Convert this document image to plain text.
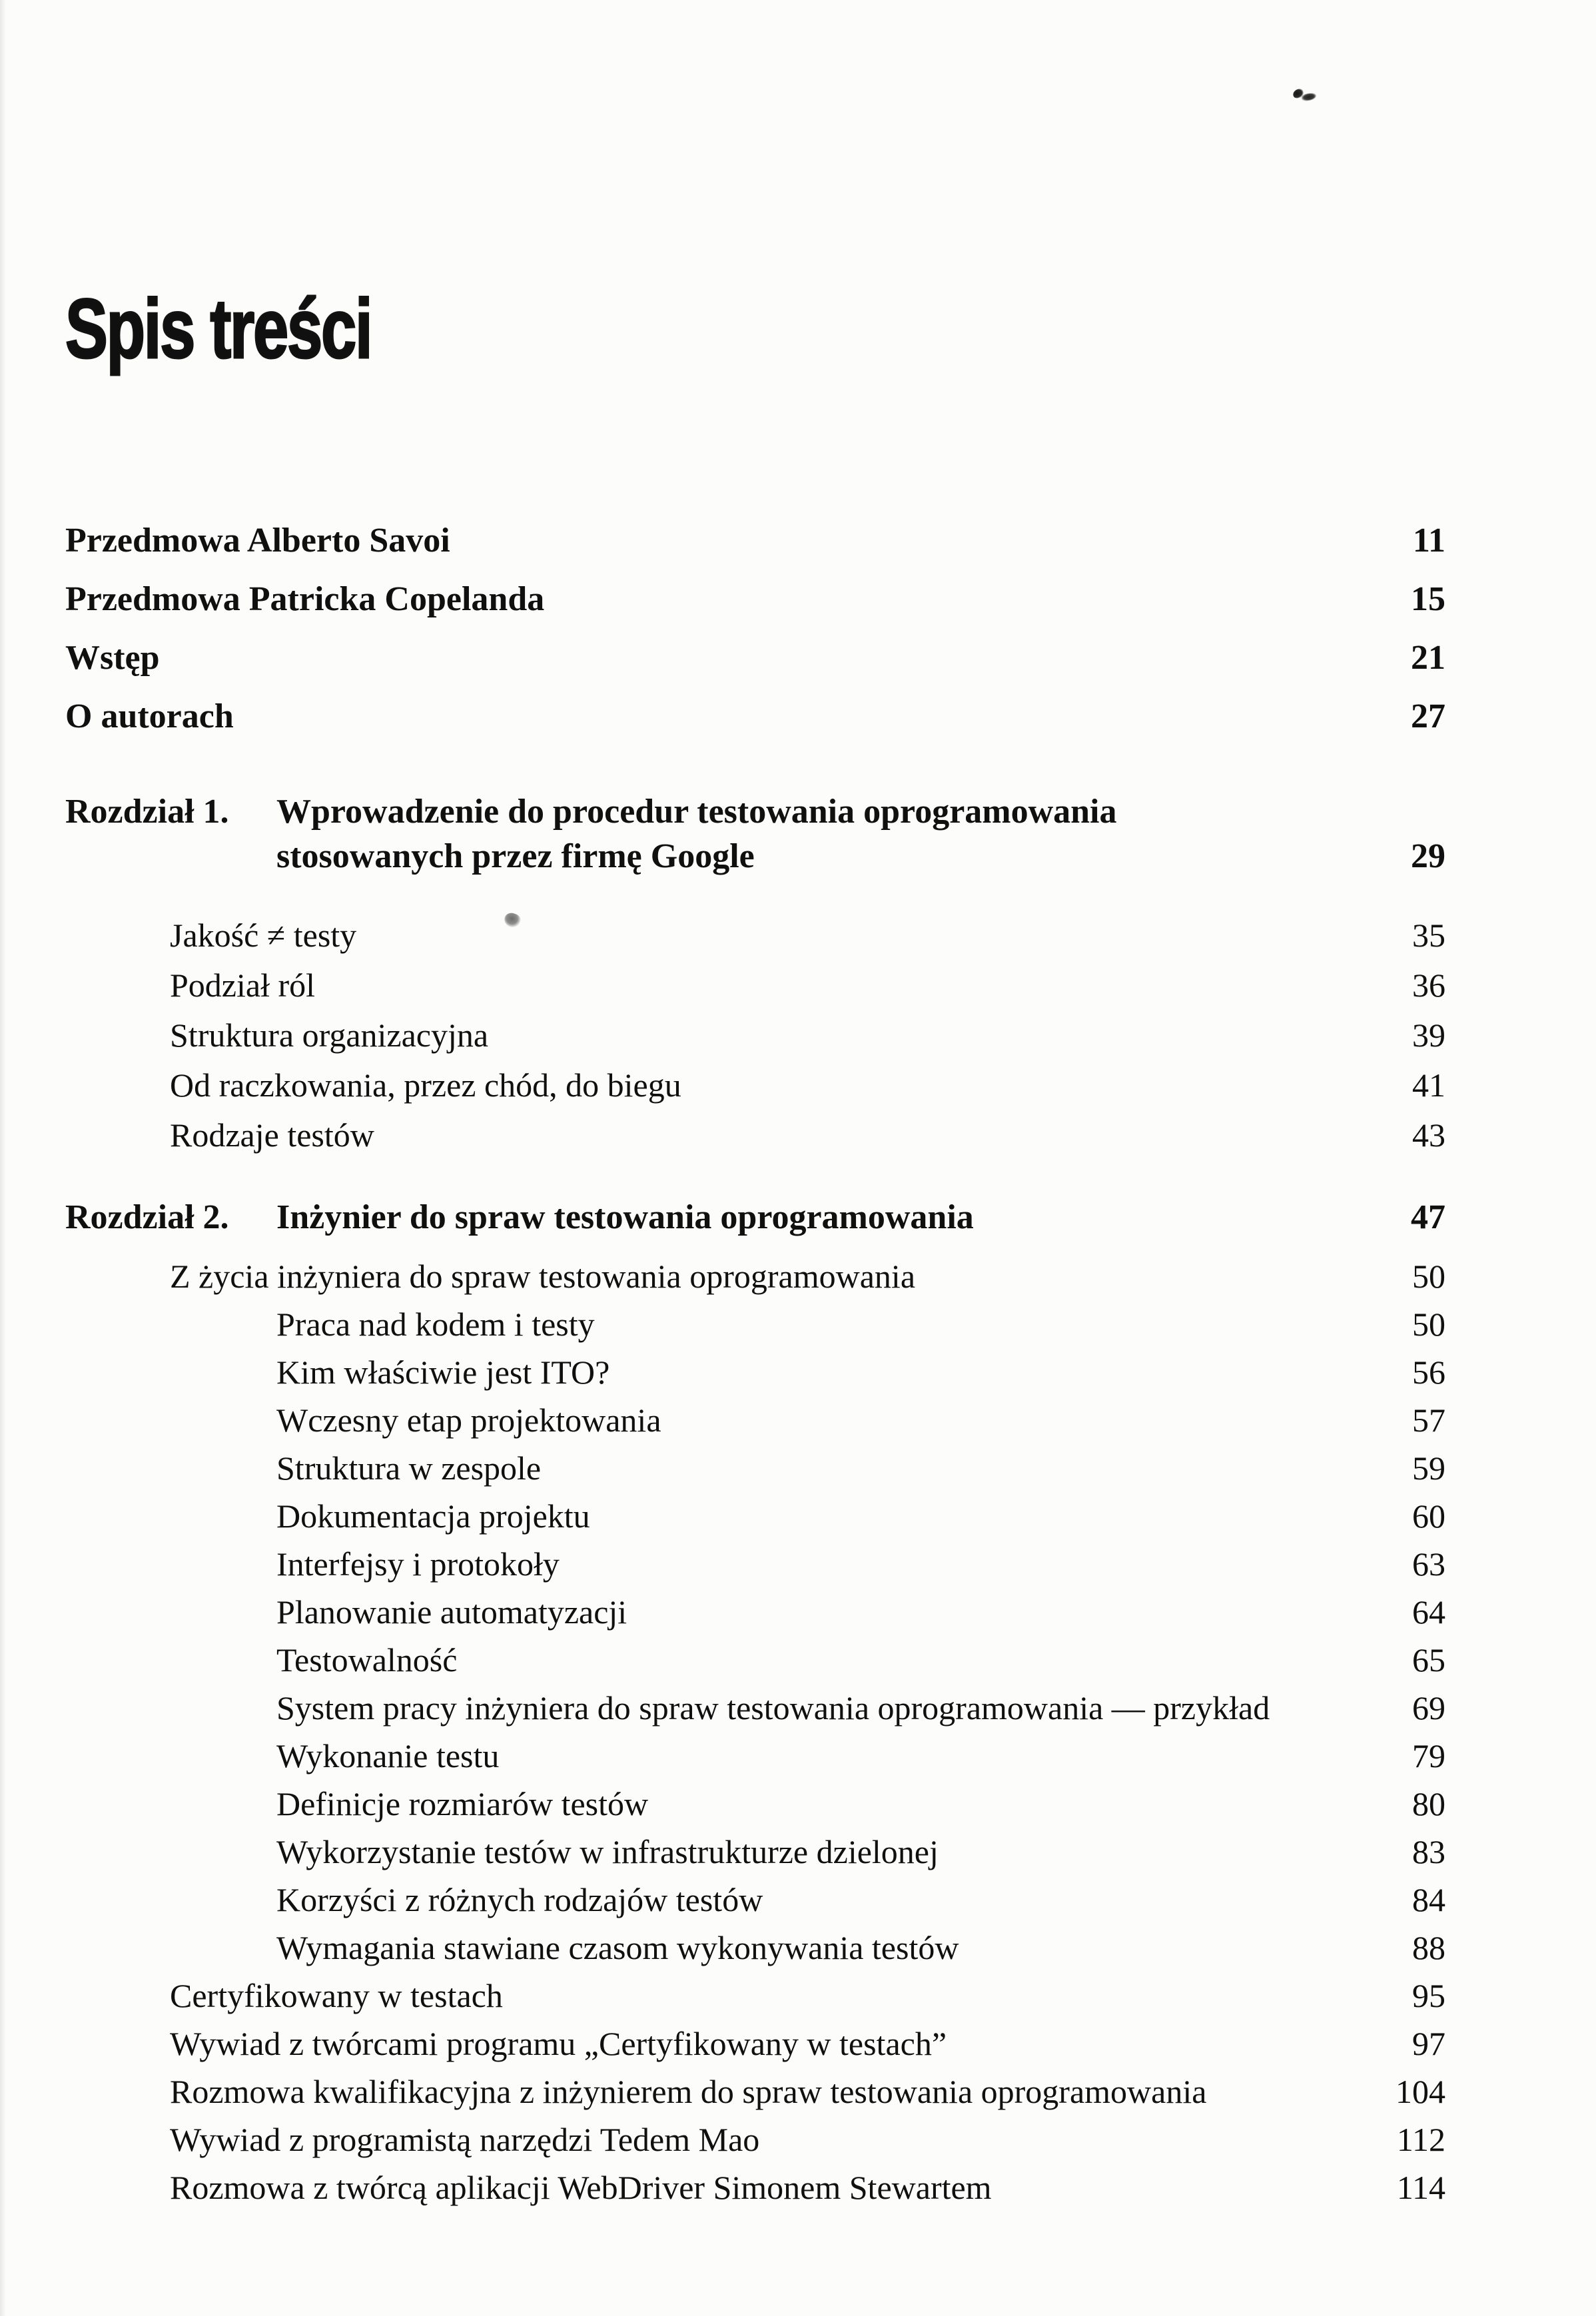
Spis treści
Przedmowa Alberto Savoi	11
Przedmowa Patricka Copelanda	15
Wstęp	21
O autorach	27
Rozdział 1.	Wprowadzenie do procedur testowania oprogramowania
stosowanych przez firmę Google	29
Jakość ≠ testy	35
Podział ról	36
Struktura organizacyjna	39
Od raczkowania, przez chód, do biegu	41
Rodzaje testów	43
Rozdział 2.	Inżynier do spraw testowania oprogramowania	47
Z życia inżyniera do spraw testowania oprogramowania	50
Praca nad kodem i testy	50
Kim właściwie jest ITO?	56
Wczesny etap projektowania	57
Struktura w zespole	59
Dokumentacja projektu	60
Interfejsy i protokoły	63
Planowanie automatyzacji	64
Testowalność	65
System pracy inżyniera do spraw testowania oprogramowania — przykład	69
Wykonanie testu	79
Definicje rozmiarów testów	80
Wykorzystanie testów w infrastrukturze dzielonej	83
Korzyści z różnych rodzajów testów	84
Wymagania stawiane czasom wykonywania testów	88
Certyfikowany w testach	95
Wywiad z twórcami programu „Certyfikowany w testach”	97
Rozmowa kwalifikacyjna z inżynierem do spraw testowania oprogramowania	104
Wywiad z programistą narzędzi Tedem Mao	112
Rozmowa z twórcą aplikacji WebDriver Simonem Stewartem	114
